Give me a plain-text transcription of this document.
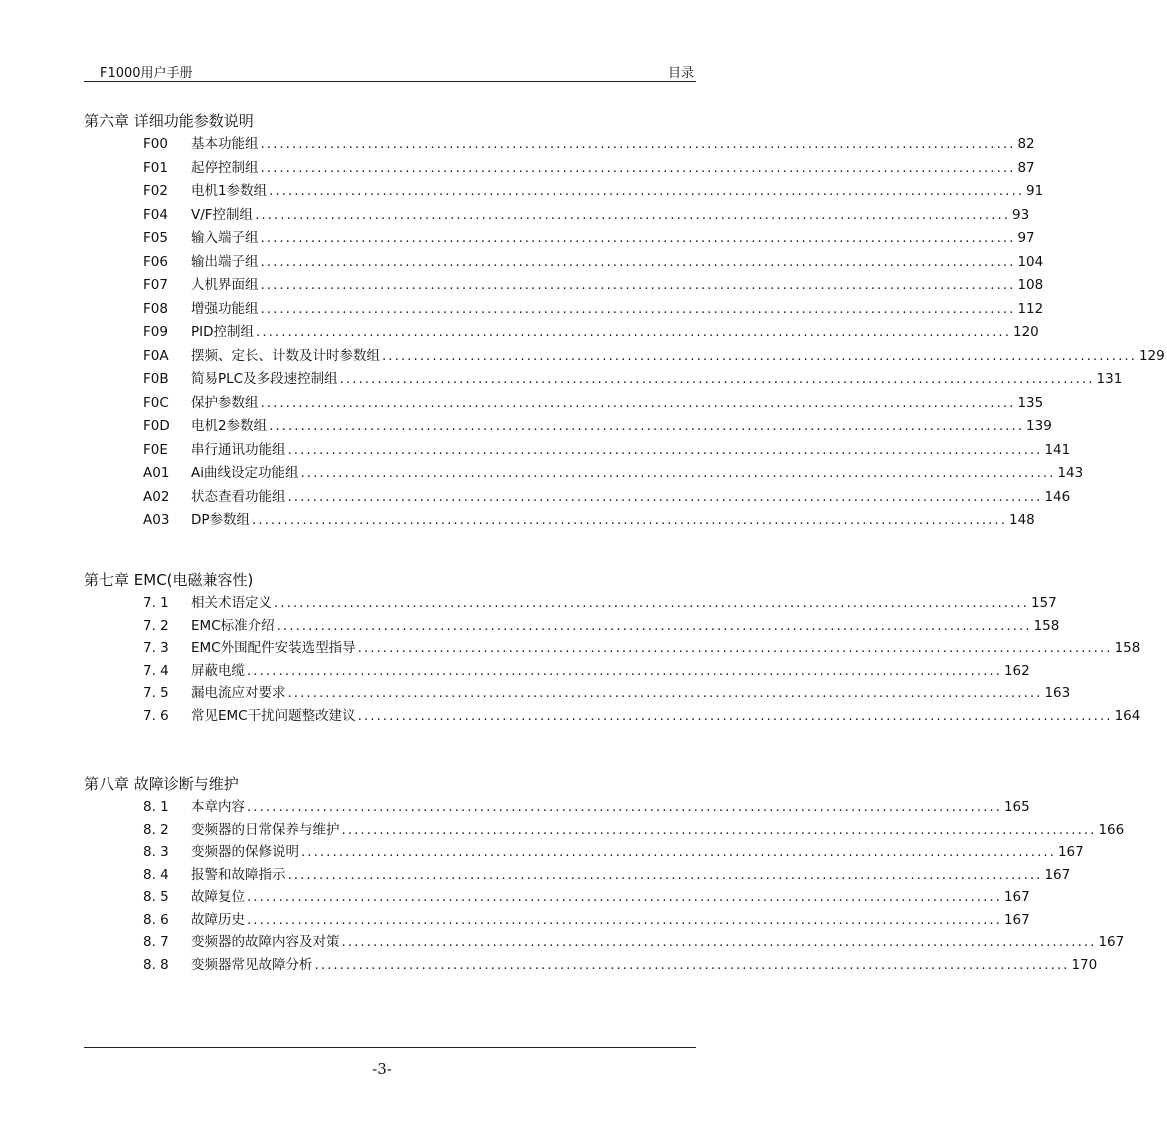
F1000用户手册	目录
第六章 详细功能参数说明
F00	基本功能组 ........................................................................................................................ 82
F01	起停控制组 ........................................................................................................................ 87
F02	电机1参数组 ........................................................................................................................ 91
F04	V/F控制组 ........................................................................................................................ 93
F05	输入端子组 ........................................................................................................................ 97
F06	输出端子组 ........................................................................................................................ 104
F07	人机界面组 ........................................................................................................................ 108
F08	增强功能组 ........................................................................................................................ 112
F09	PID控制组 ........................................................................................................................ 120
F0A	摆频、定长、计数及计时参数组 ........................................................................................................................ 129
F0B	简易PLC及多段速控制组 ........................................................................................................................ 131
F0C	保护参数组 ........................................................................................................................ 135
F0D	电机2参数组 ........................................................................................................................ 139
F0E	串行通讯功能组 ........................................................................................................................ 141
A01	Ai曲线设定功能组 ........................................................................................................................ 143
A02	状态查看功能组 ........................................................................................................................ 146
A03	DP参数组 ........................................................................................................................ 148
第七章 EMC(电磁兼容性)
7. 1	相关术语定义 ........................................................................................................................ 157
7. 2	EMC标准介绍 ........................................................................................................................ 158
7. 3	EMC外围配件安装选型指导 ........................................................................................................................ 158
7. 4	屏蔽电缆 ........................................................................................................................ 162
7. 5	漏电流应对要求 ........................................................................................................................ 163
7. 6	常见EMC干扰问题整改建议 ........................................................................................................................ 164
第八章 故障诊断与维护
8. 1	本章内容 ........................................................................................................................ 165
8. 2	变频器的日常保养与维护 ........................................................................................................................ 166
8. 3	变频器的保修说明 ........................................................................................................................ 167
8. 4	报警和故障指示 ........................................................................................................................ 167
8. 5	故障复位 ........................................................................................................................ 167
8. 6	故障历史 ........................................................................................................................ 167
8. 7	变频器的故障内容及对策 ........................................................................................................................ 167
8. 8	变频器常见故障分析 ........................................................................................................................ 170
-3-
